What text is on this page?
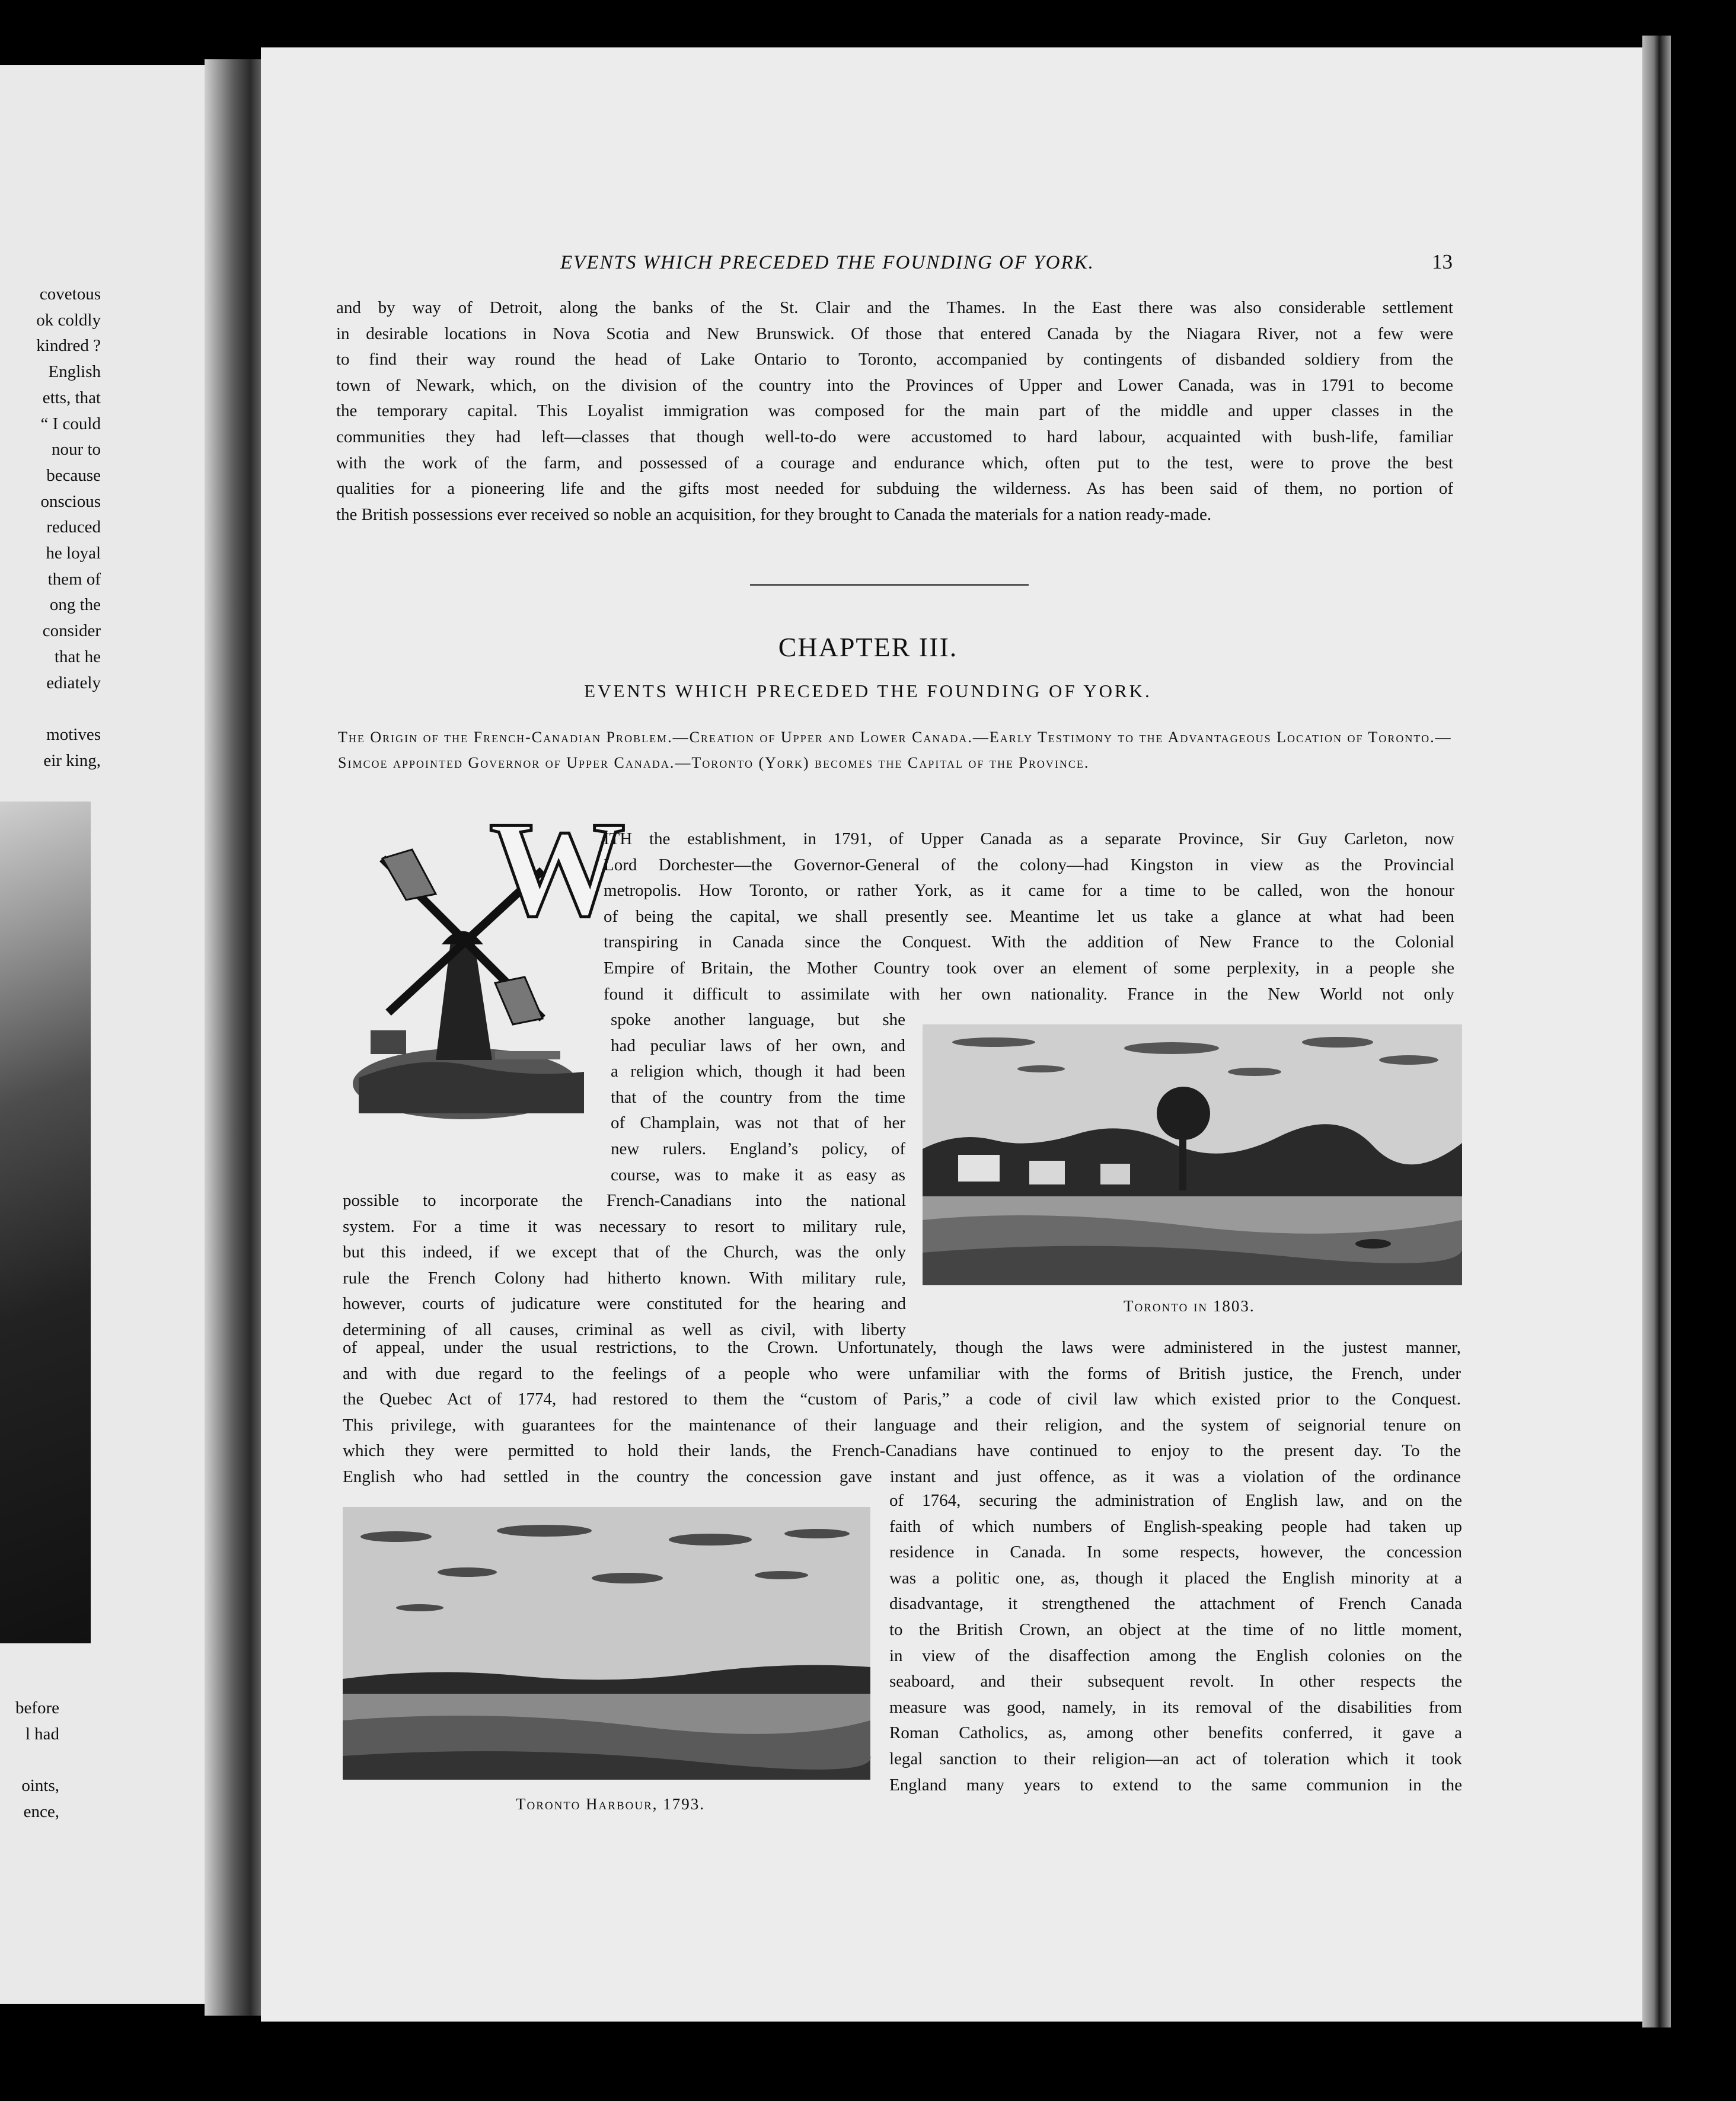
covetous
ok coldly
kindred ?
English
etts, that
“ I could
nour to
because
onscious
reduced
he loyal
them of
ong the
consider
that he
ediately

motives
eir king,
before
l had

oints,
ence,
EVENTS WHICH PRECEDED THE FOUNDING OF YORK.	13
and by way of Detroit, along the banks of the St. Clair and the Thames. In the East there was also considerable settlement
in desirable locations in Nova Scotia and New Brunswick. Of those that entered Canada by the Niagara River, not a few were
to find their way round the head of Lake Ontario to Toronto, accompanied by contingents of disbanded soldiery from the
town of Newark, which, on the division of the country into the Provinces of Upper and Lower Canada, was in 1791 to become
the temporary capital. This Loyalist immigration was composed for the main part of the middle and upper classes in the
communities they had left—classes that though well-to-do were accustomed to hard labour, acquainted with bush-life, familiar
with the work of the farm, and possessed of a courage and endurance which, often put to the test, were to prove the best
qualities for a pioneering life and the gifts most needed for subduing the wilderness. As has been said of them, no portion of
the British possessions ever received so noble an acquisition, for they brought to Canada the materials for a nation ready-made.
CHAPTER III.
EVENTS WHICH PRECEDED THE FOUNDING OF YORK.
The Origin of the French-Canadian Problem.—Creation of Upper and Lower Canada.—Early Testimony to the Advantageous Location of Toronto.—Simcoe appointed Governor of Upper Canada.—Toronto (York) becomes the Capital of the Province.
W
ITH the establishment, in 1791, of Upper Canada as a separate Province, Sir Guy Carleton, now
Lord Dorchester—the Governor-General of the colony—had Kingston in view as the Provincial
metropolis. How Toronto, or rather York, as it came for a time to be called, won the honour
of being the capital, we shall presently see. Meantime let us take a glance at what had been
transpiring in Canada since the Conquest. With the addition of New France to the Colonial
Empire of Britain, the Mother Country took over an element of some perplexity, in a people she
found it difficult to assimilate with her own nationality. France in the New World not only
spoke another language, but she
had peculiar laws of her own, and
a religion which, though it had been
that of the country from the time
of Champlain, was not that of her
new rulers. England’s policy, of
course, was to make it as easy as
possible to incorporate the French-Canadians into the national
system. For a time it was necessary to resort to military rule,
but this indeed, if we except that of the Church, was the only
rule the French Colony had hitherto known. With military rule,
however, courts of judicature were constituted for the hearing and
determining of all causes, criminal as well as civil, with liberty
Toronto in 1803.
of appeal, under the usual restrictions, to the Crown. Unfortunately, though the laws were administered in the justest manner,
and with due regard to the feelings of a people who were unfamiliar with the forms of British justice, the French, under
the Quebec Act of 1774, had restored to them the “custom of Paris,” a code of civil law which existed prior to the Conquest.
This privilege, with guarantees for the maintenance of their language and their religion, and the system of seignorial tenure on
which they were permitted to hold their lands, the French-Canadians have continued to enjoy to the present day. To the
English who had settled in the country the concession gave instant and just offence, as it was a violation of the ordinance
Toronto Harbour, 1793.
of 1764, securing the administration of English law, and on the
faith of which numbers of English-speaking people had taken up
residence in Canada. In some respects, however, the concession
was a politic one, as, though it placed the English minority at a
disadvantage, it strengthened the attachment of French Canada
to the British Crown, an object at the time of no little moment,
in view of the disaffection among the English colonies on the
seaboard, and their subsequent revolt. In other respects the
measure was good, namely, in its removal of the disabilities from
Roman Catholics, as, among other benefits conferred, it gave a
legal sanction to their religion—an act of toleration which it took
England many years to extend to the same communion in the
